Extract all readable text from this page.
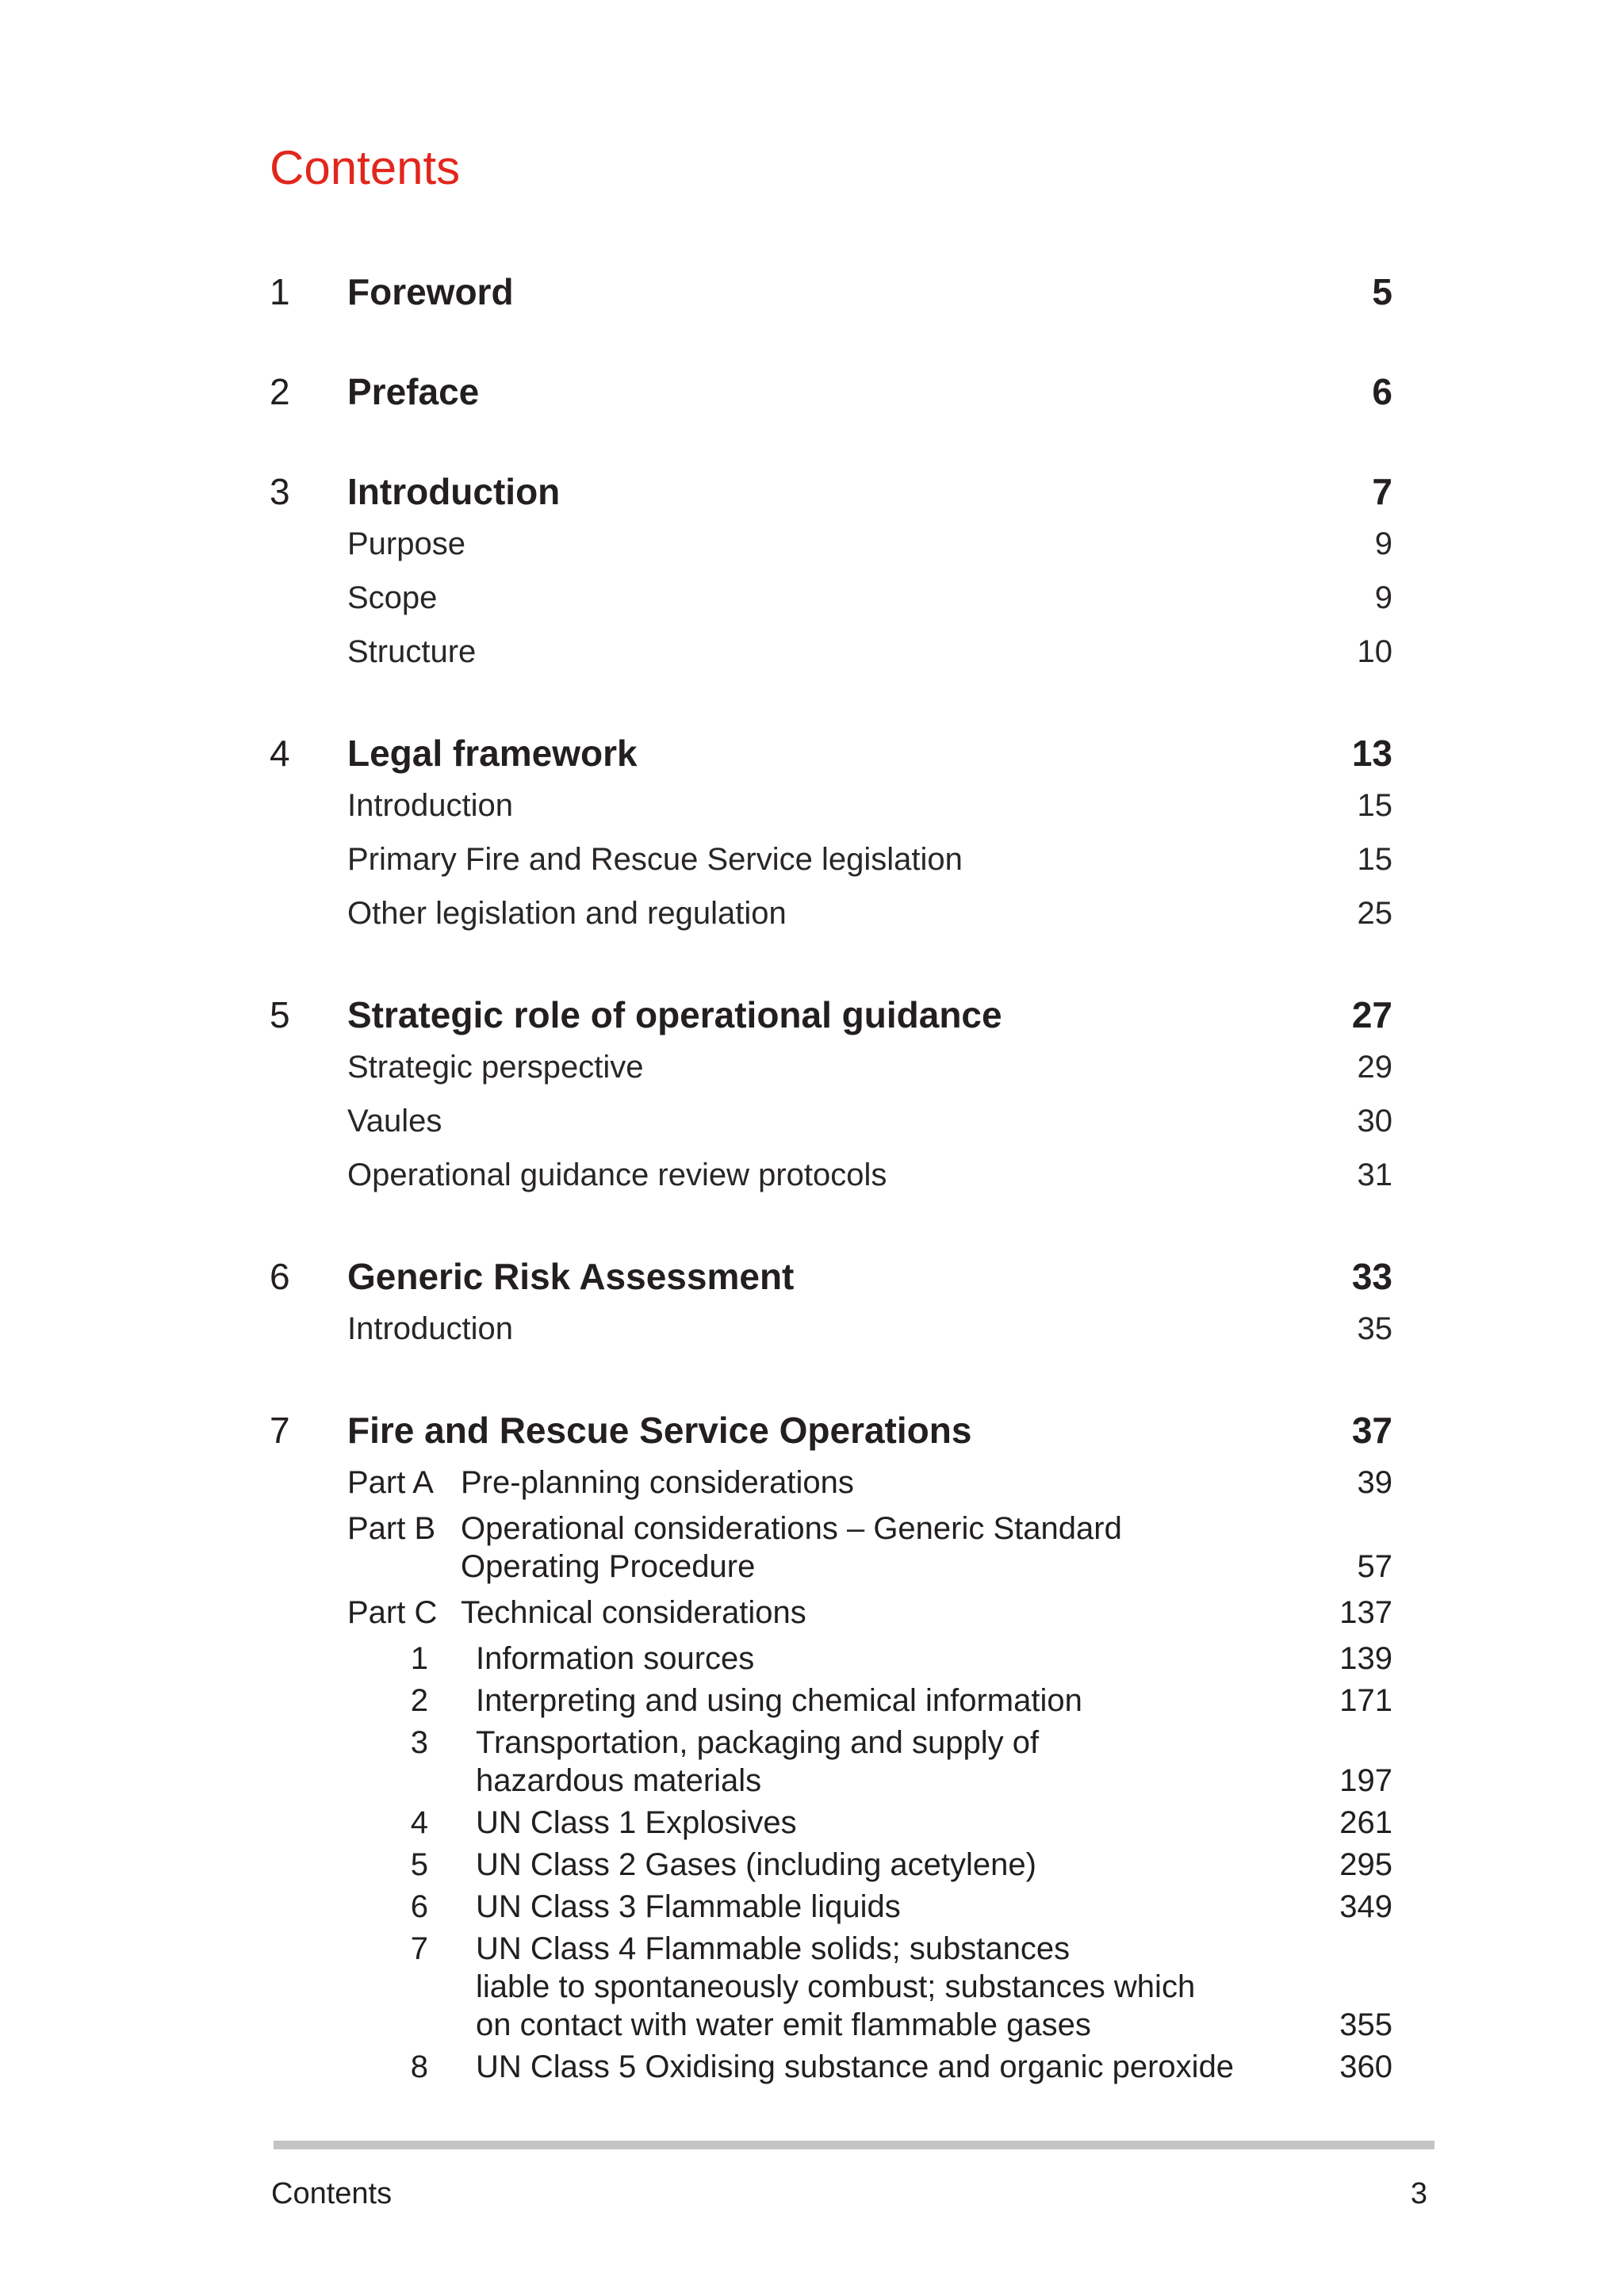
Contents
1	Foreword	5
2	Preface	6
3	Introduction	7
Purpose	9
Scope	9
Structure	10
4	Legal framework	13
Introduction	15
Primary Fire and Rescue Service legislation	15
Other legislation and regulation	25
5	Strategic role of operational guidance	27
Strategic perspective	29
Vaules	30
Operational guidance review protocols	31
6	Generic Risk Assessment	33
Introduction	35
7	Fire and Rescue Service Operations	37
Part A Pre-planning considerations	39
Part B Operational considerations – Generic Standard
Operating Procedure	57
Part C Technical considerations	137
1	Information sources	139
2	Interpreting and using chemical information	171
3	Transportation, packaging and supply of
hazardous materials	197
4	UN Class 1 Explosives	261
5	UN Class 2 Gases (including acetylene)	295
6	UN Class 3 Flammable liquids	349
7	UN Class 4 Flammable solids; substances
liable to spontaneously combust; substances which
on contact with water emit flammable gases	355
8	UN Class 5 Oxidising substance and organic peroxide	360
Contents	3
